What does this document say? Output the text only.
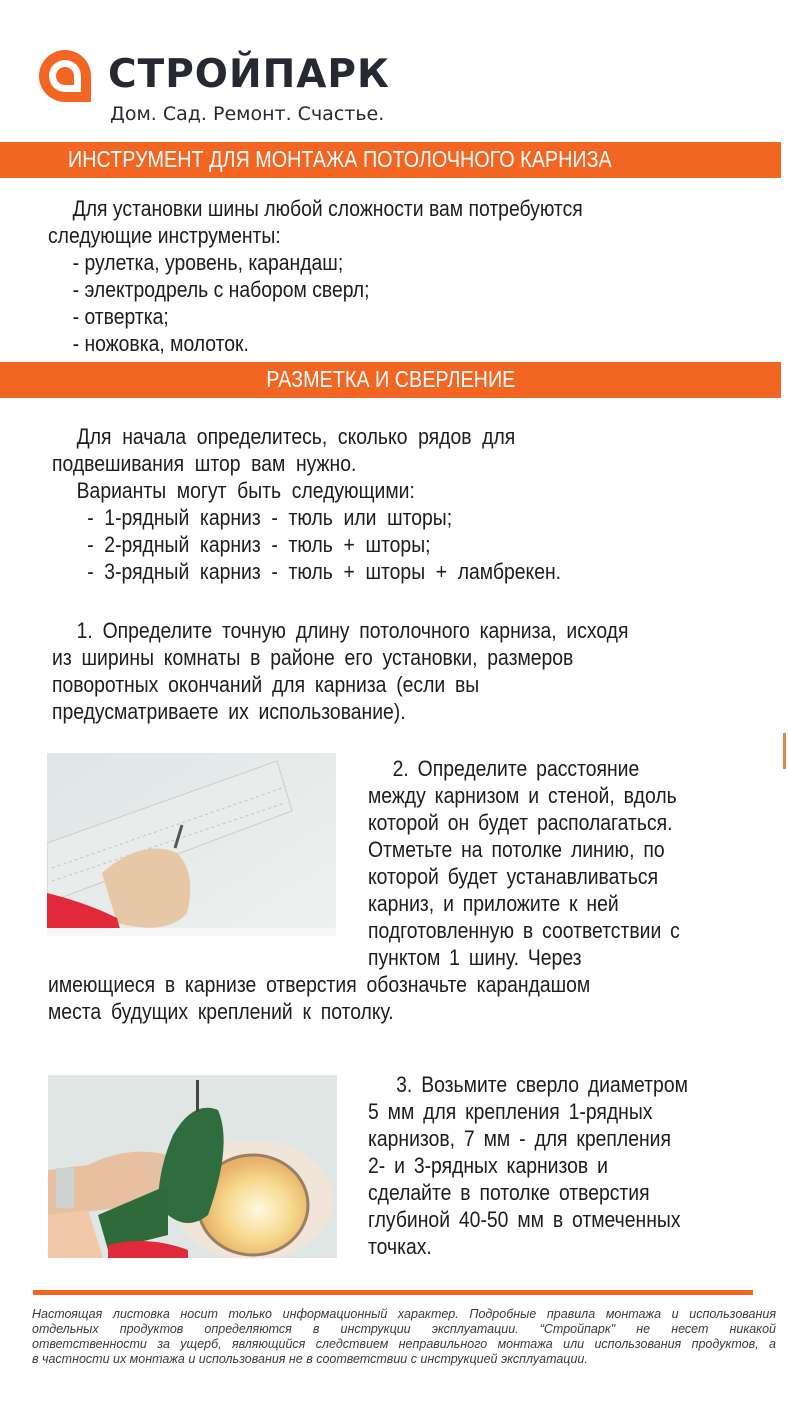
СТРОЙПАРК
Дом. Сад. Ремонт. Счастье.
ИНСТРУМЕНТ ДЛЯ МОНТАЖА ПОТОЛОЧНОГО КАРНИЗА
Для установки шины любой сложности вам потребуются
следующие инструменты:
- рулетка, уровень, карандаш;
- электродрель с набором сверл;
- отвертка;
- ножовка, молоток.
РАЗМЕТКА И СВЕРЛЕНИЕ
Для начала определитесь, сколько рядов для
подвешивания штор вам нужно.
Варианты могут быть следующими:
- 1-рядный карниз - тюль или шторы;
- 2-рядный карниз - тюль + шторы;
- 3-рядный карниз - тюль + шторы + ламбрекен.
1. Определите точную длину потолочного карниза, исходя
из ширины комнаты в районе его установки, размеров
поворотных окончаний для карниза (если вы
предусматриваете их использование).
2. Определите расстояние
между карнизом и стеной, вдоль
которой он будет располагаться.
Отметьте на потолке линию, по
которой будет устанавливаться
карниз, и приложите к ней
подготовленную в соответствии с
пунктом 1 шину. Через
имеющиеся в карнизе отверстия обозначьте карандашом
места будущих креплений к потолку.
3. Возьмите сверло диаметром
5 мм для крепления 1-рядных
карнизов, 7 мм - для крепления
2- и 3-рядных карнизов и
сделайте в потолке отверстия
глубиной 40-50 мм в отмеченных
точках.
Настоящая листовка носит только информационный характер. Подробные правила монтажа и использования
отдельных продуктов определяются в инструкции эксплуатации. “Стройпарк" не несет никакой
ответственности за ущерб, являющийся следствием неправильного монтажа или использования продуктов, а
в частности их монтажа и использования не в соответствии с инструкцией эксплуатации.
